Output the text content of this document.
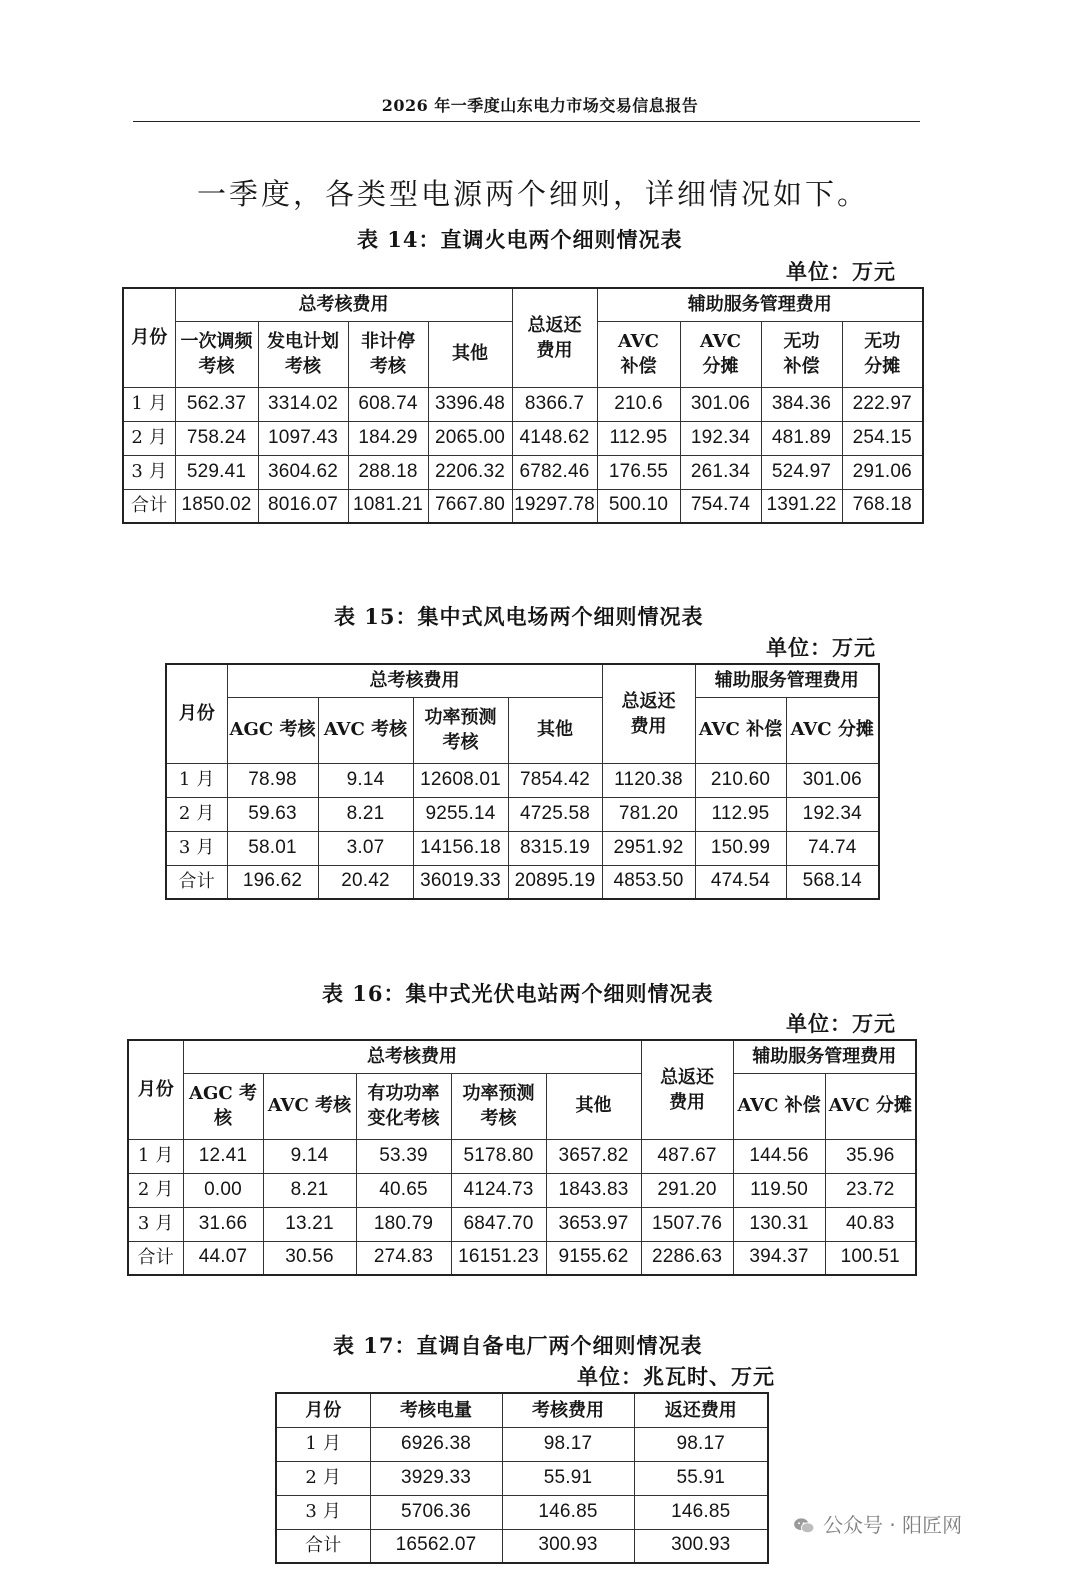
2026 年一季度山东电力市场交易信息报告
一季度，各类型电源两个细则，详细情况如下。
表 14：直调火电两个细则情况表
单位：万元
月份	总考核费用				总返还费用	辅助服务管理费用			

	一次调频考核	发电计划考核	非计停考核	其他		AVC补偿	AVC分摊	无功补偿	无功分摊

1 月	562.37	3314.02	608.74	3396.48	8366.7	210.6	301.06	384.36	222.97
2 月	758.24	1097.43	184.29	2065.00	4148.62	112.95	192.34	481.89	254.15
3 月	529.41	3604.62	288.18	2206.32	6782.46	176.55	261.34	524.97	291.06
合计	1850.02	8016.07	1081.21	7667.80	19297.78	500.10	754.74	1391.22	768.18
表 15：集中式风电场两个细则情况表
单位：万元
月份	总考核费用				总返还费用	辅助服务管理费用	
	AGC 考核	AVC 考核	功率预测考核	其他		AVC 补偿	AVC 分摊
1 月	78.98	9.14	12608.01	7854.42	1120.38	210.60	301.06
2 月	59.63	8.21	9255.14	4725.58	781.20	112.95	192.34
3 月	58.01	3.07	14156.18	8315.19	2951.92	150.99	74.74
合计	196.62	20.42	36019.33	20895.19	4853.50	474.54	568.14
表 16：集中式光伏电站两个细则情况表
单位：万元
月份	总考核费用					总返还费用	辅助服务管理费用	
	AGC 考核	AVC 考核	有功功率变化考核	功率预测考核	其他		AVC 补偿	AVC 分摊
1 月	12.41	9.14	53.39	5178.80	3657.82	487.67	144.56	35.96
2 月	0.00	8.21	40.65	4124.73	1843.83	291.20	119.50	23.72
3 月	31.66	13.21	180.79	6847.70	3653.97	1507.76	130.31	40.83
合计	44.07	30.56	274.83	16151.23	9155.62	2286.63	394.37	100.51
表 17：直调自备电厂两个细则情况表
单位：兆瓦时、万元
月份	考核电量	考核费用	返还费用
1 月	6926.38	98.17	98.17
2 月	3929.33	55.91	55.91
3 月	5706.36	146.85	146.85
合计	16562.07	300.93	300.93
公众号 · 阳匠网
